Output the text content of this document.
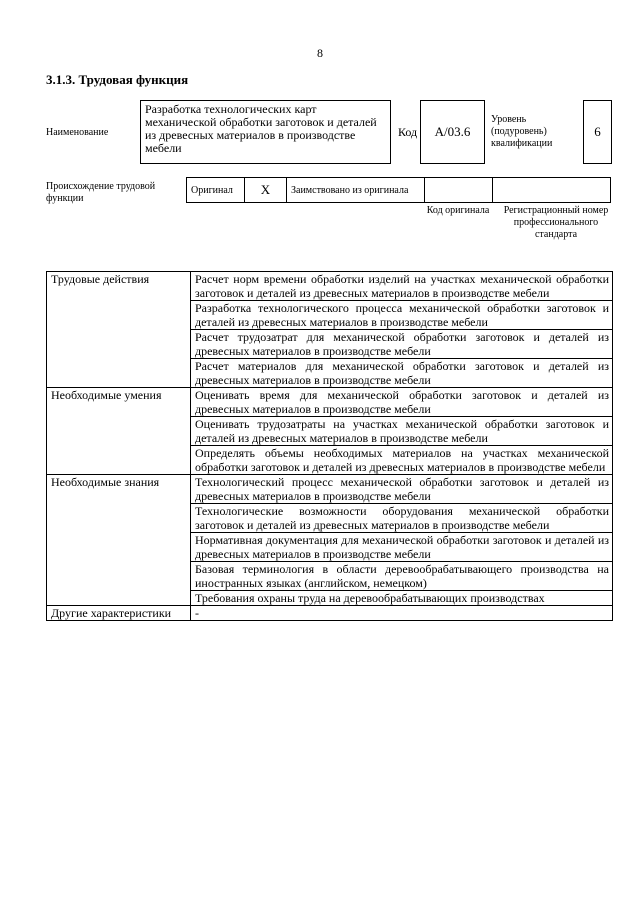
8
3.1.3. Трудовая функция
Наименование
Разработка технологических карт механической обработки заготовок и деталей из древесных материалов в производстве мебели
Код А/03.6
Уровень (подуровень) квалификации
6
Происхождение трудовой функции
Оригинал	X	Заимствовано из оригинала		
Код оригинала	Регистрационный номер профессионального стандарта
Трудовые действия	Расчет норм времени обработки изделий на участках механической обработки заготовок и деталей из древесных материалов в производстве мебели
	Разработка технологического процесса механической обработки заготовок и деталей из древесных материалов в производстве мебели
	Расчет трудозатрат для механической обработки заготовок и деталей из древесных материалов в производстве мебели
	Расчет материалов для механической обработки заготовок и деталей из древесных материалов в производстве мебели
Необходимые умения	Оценивать время для механической обработки заготовок и деталей из древесных материалов в производстве мебели
	Оценивать трудозатраты на участках механической обработки заготовок и деталей из древесных материалов в производстве мебели
	Определять объемы необходимых материалов на участках механической обработки заготовок и деталей из древесных материалов в производстве мебели
Необходимые знания	Технологический процесс механической обработки заготовок и деталей из древесных материалов в производстве мебели
	Технологические возможности оборудования механической обработки заготовок и деталей из древесных материалов в производстве мебели
	Нормативная документация для механической обработки заготовок и деталей из древесных материалов в производстве мебели
	Базовая терминология в области деревообрабатывающего производства на иностранных языках (английском, немецком)
	Требования охраны труда на деревообрабатывающих производствах
Другие характеристики	-
